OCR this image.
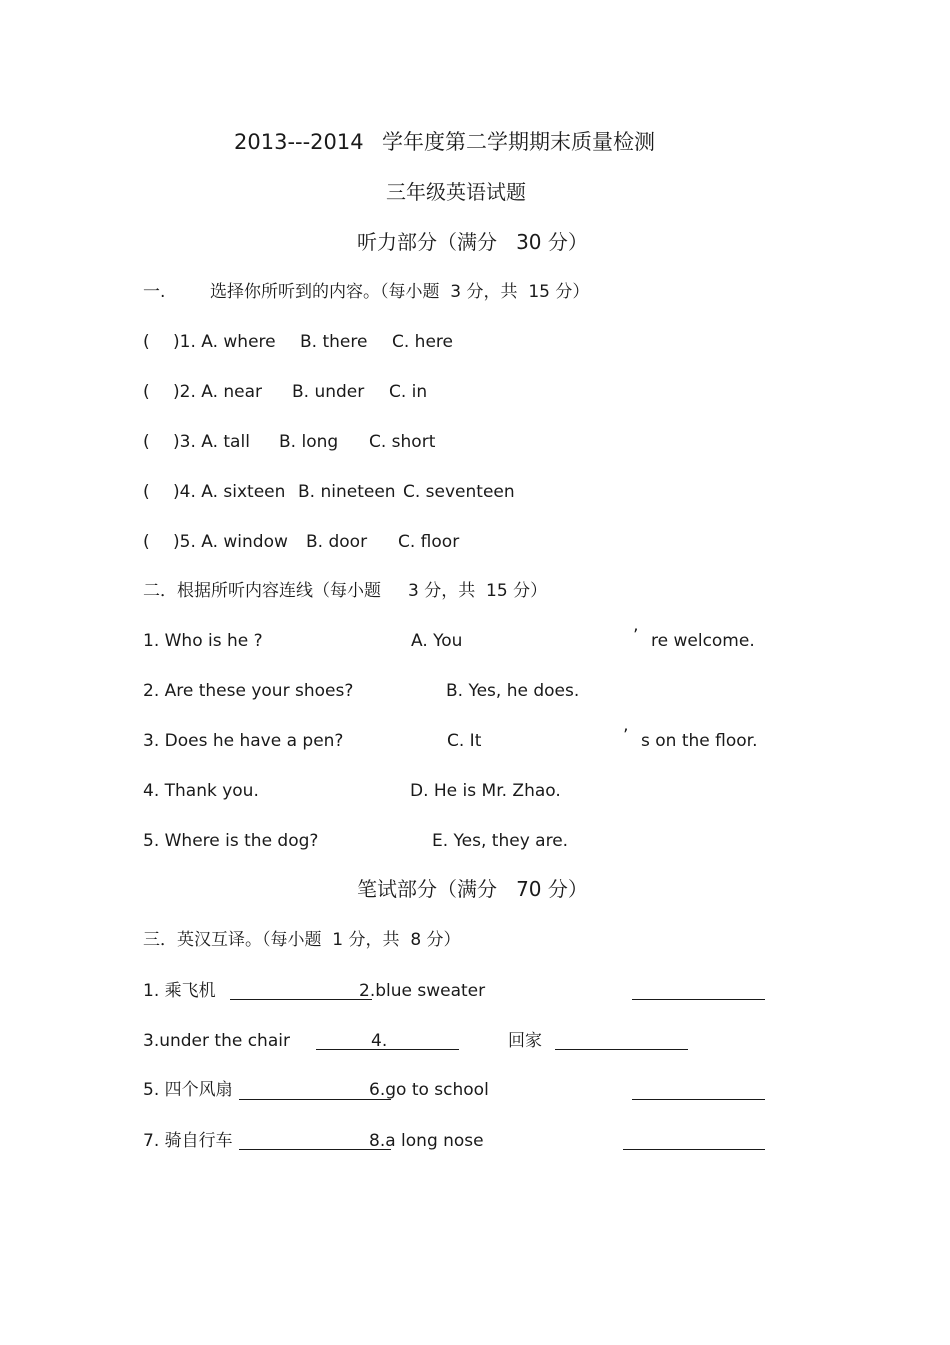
2013---2014 学年度第二学期期末质量检测
三年级英语试题
听力部分（满分   30 分）
一.	选择你所听到的内容。（每小题  3 分，共  15 分）
( )1. A. where B. there C. here
( )2. A. near B. under C. in
( )3. A. tall B. long C. short
( )4. A. sixteen B. nineteen C. seventeen
( )5. A. window B. door C. floor
二．根据所听内容连线（每小题     3 分，共  15 分）
1. Who is he ?	A. You	’ re welcome.
2. Are these your shoes?	B. Yes, he does.
3. Does he have a pen?	C. It	’ s on the floor.
4. Thank you.	D. He is Mr. Zhao.
5. Where is the dog?	E. Yes, they are.
笔试部分（满分   70 分）
三．英汉互译。（每小题  1 分，共  8 分）
1. 乘飞机	2.blue sweater
3.under the chair	4.	回家
5. 四个风扇	6.go to school
7. 骑自行车	8.a long nose
